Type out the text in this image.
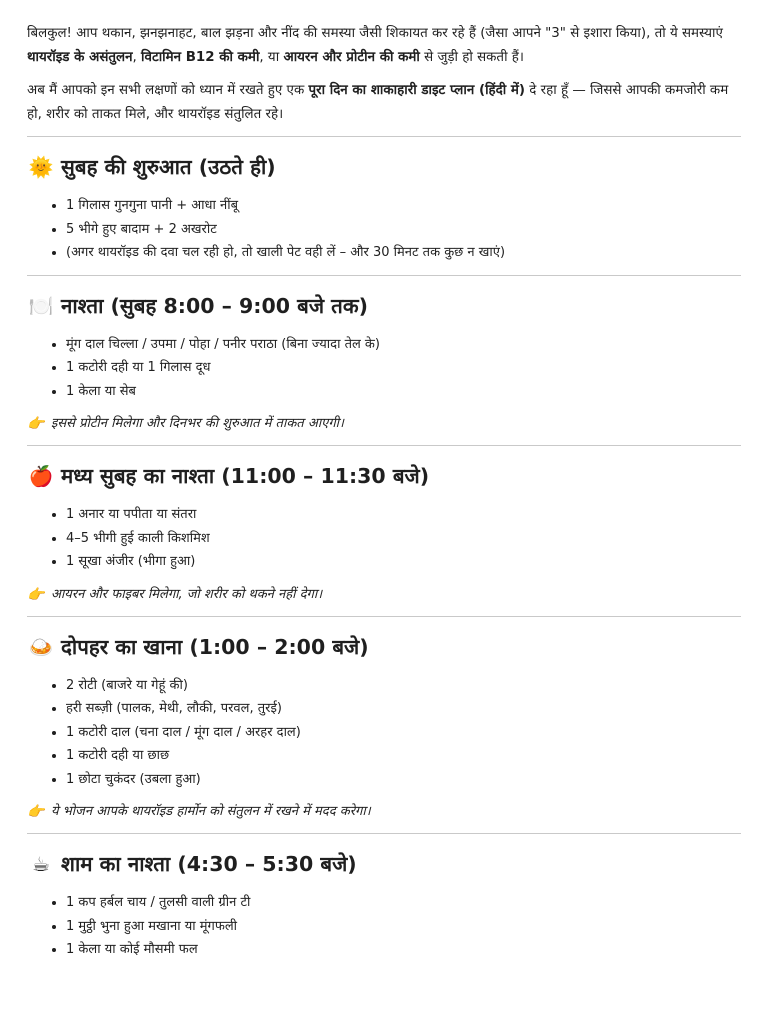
बिलकुल! आप थकान, झनझनाहट, बाल झड़ना और नींद की समस्या जैसी शिकायत कर रहे हैं (जैसा आपने "3" से इशारा किया), तो ये समस्याएं थायरॉइड के असंतुलन, विटामिन B12 की कमी, या आयरन और प्रोटीन की कमी से जुड़ी हो सकती हैं।

अब मैं आपको इन सभी लक्षणों को ध्यान में रखते हुए एक पूरा दिन का शाकाहारी डाइट प्लान (हिंदी में) दे रहा हूँ — जिससे आपकी कमजोरी कम हो, शरीर को ताकत मिले, और थायरॉइड संतुलित रहे।

🌞 सुबह की शुरुआत (उठते ही)
• 1 गिलास गुनगुना पानी + आधा नींबू
• 5 भीगे हुए बादाम + 2 अखरोट
• (अगर थायरॉइड की दवा चल रही हो, तो खाली पेट वही लें – और 30 मिनट तक कुछ न खाएं)
🍽️ नाश्ता (सुबह 8:00 – 9:00 बजे तक)
• मूंग दाल चिल्ला / उपमा / पोहा / पनीर पराठा (बिना ज्यादा तेल के)
• 1 कटोरी दही या 1 गिलास दूध
• 1 केला या सेब

👉 इससे प्रोटीन मिलेगा और दिनभर की शुरुआत में ताकत आएगी।

🍎 मध्य सुबह का नाश्ता (11:00 – 11:30 बजे)
• 1 अनार या पपीता या संतरा
• 4–5 भीगी हुई काली किशमिश
• 1 सूखा अंजीर (भीगा हुआ)

👉 आयरन और फाइबर मिलेगा, जो शरीर को थकने नहीं देगा।

🍛 दोपहर का खाना (1:00 – 2:00 बजे)
• 2 रोटी (बाजरे या गेहूं की)
• हरी सब्ज़ी (पालक, मेथी, लौकी, परवल, तुरई)
• 1 कटोरी दाल (चना दाल / मूंग दाल / अरहर दाल)
• 1 कटोरी दही या छाछ
• 1 छोटा चुकंदर (उबला हुआ)

👉 ये भोजन आपके थायरॉइड हार्मोन को संतुलन में रखने में मदद करेगा।

☕ शाम का नाश्ता (4:30 – 5:30 बजे)
• 1 कप हर्बल चाय / तुलसी वाली ग्रीन टी
• 1 मुट्ठी भुना हुआ मखाना या मूंगफली
• 1 केला या कोई मौसमी फल
